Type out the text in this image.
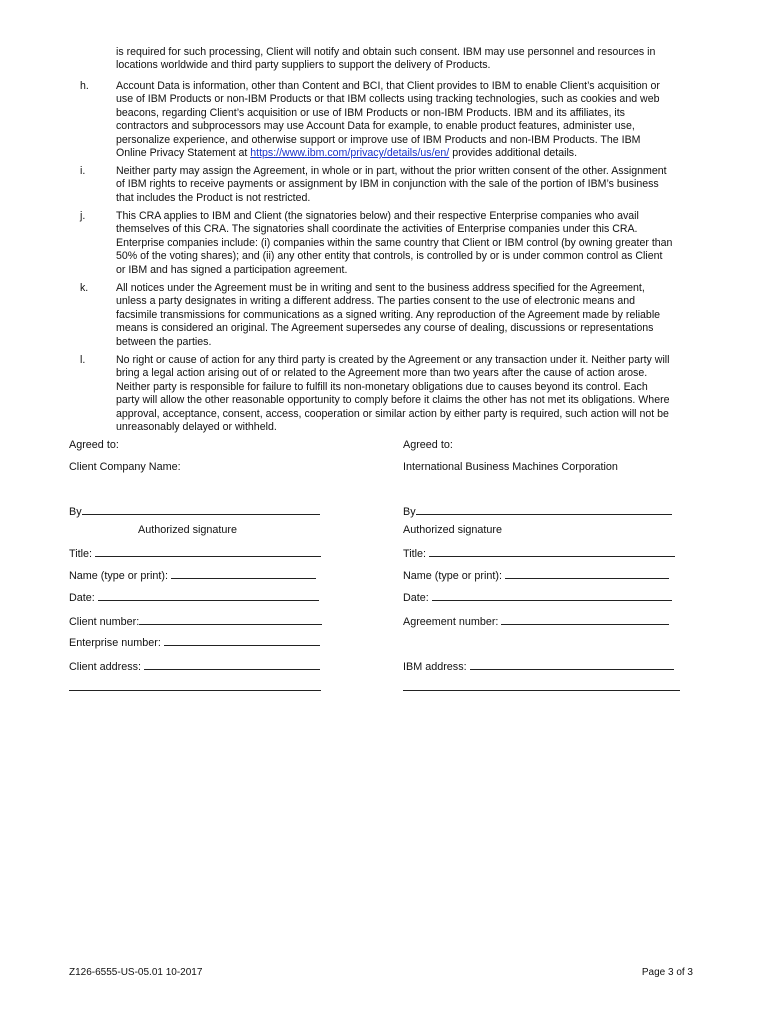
is required for such processing, Client will notify and obtain such consent. IBM may use personnel and resources in
locations worldwide and third party suppliers to support the delivery of Products.
h.	Account Data is information, other than Content and BCI, that Client provides to IBM to enable Client’s acquisition or
use of IBM Products or non-IBM Products or that IBM collects using tracking technologies, such as cookies and web
beacons, regarding Client’s acquisition or use of IBM Products or non-IBM Products. IBM and its affiliates, its
contractors and subprocessors may use Account Data for example, to enable product features, administer use,
personalize experience, and otherwise support or improve use of IBM Products and non-IBM Products. The IBM
Online Privacy Statement at https://www.ibm.com/privacy/details/us/en/ provides additional details.
i.	Neither party may assign the Agreement, in whole or in part, without the prior written consent of the other. Assignment
of IBM rights to receive payments or assignment by IBM in conjunction with the sale of the portion of IBM’s business
that includes the Product is not restricted.
j.	This CRA applies to IBM and Client (the signatories below) and their respective Enterprise companies who avail
themselves of this CRA. The signatories shall coordinate the activities of Enterprise companies under this CRA.
Enterprise companies include: (i) companies within the same country that Client or IBM control (by owning greater than
50% of the voting shares); and (ii) any other entity that controls, is controlled by or is under common control as Client
or IBM and has signed a participation agreement.
k.	All notices under the Agreement must be in writing and sent to the business address specified for the Agreement,
unless a party designates in writing a different address. The parties consent to the use of electronic means and
facsimile transmissions for communications as a signed writing. Any reproduction of the Agreement made by reliable
means is considered an original. The Agreement supersedes any course of dealing, discussions or representations
between the parties.
l.	No right or cause of action for any third party is created by the Agreement or any transaction under it. Neither party will
bring a legal action arising out of or related to the Agreement more than two years after the cause of action arose.
Neither party is responsible for failure to fulfill its non-monetary obligations due to causes beyond its control. Each
party will allow the other reasonable opportunity to comply before it claims the other has not met its obligations. Where
approval, acceptance, consent, access, cooperation or similar action by either party is required, such action will not be
unreasonably delayed or withheld.
Agreed to:
Client Company Name:
By
Authorized signature
Title:
Name (type or print):
Date:
Client number:
Enterprise number:
Client address:
Agreed to:
International Business Machines Corporation
By
Authorized signature
Title:
Name (type or print):
Date:
Agreement number:
IBM address:
Z126-6555-US-05.01 10-2017	Page 3 of 3
